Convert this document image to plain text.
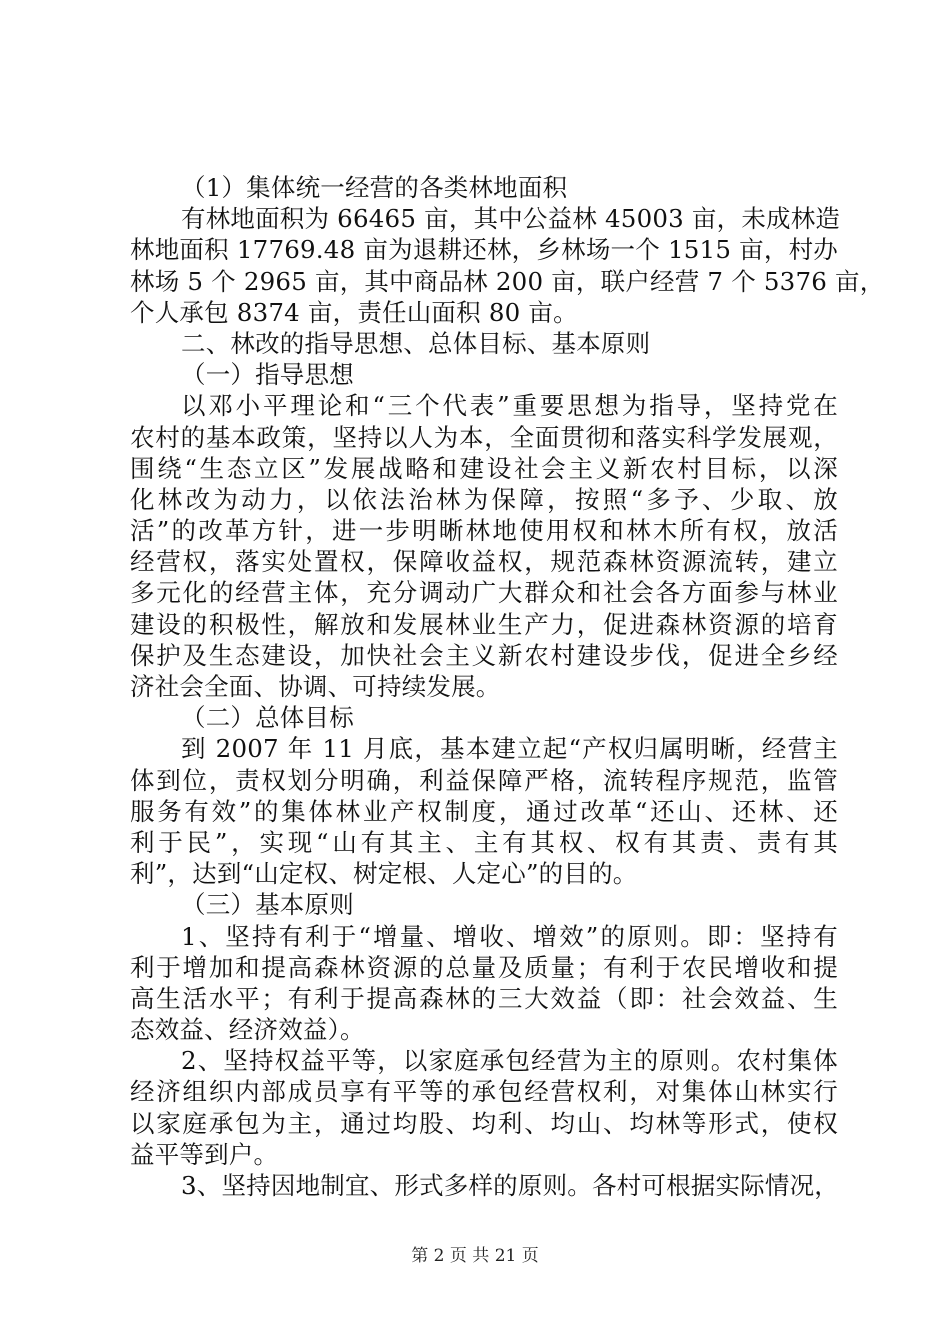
（1）集体统一经营的各类林地面积
有林地面积为 66465 亩，其中公益林 45003 亩，未成林造
林地面积 17769.48 亩为退耕还林，乡林场一个 1515 亩，村办
林场 5 个 2965 亩，其中商品林 200 亩，联户经营 7 个 5376 亩，
个人承包 8374 亩，责任山面积 80 亩。
二、林改的指导思想、总体目标、基本原则
（一）指导思想
以邓小平理论和“三个代表”重要思想为指导，坚持党在
农村的基本政策，坚持以人为本，全面贯彻和落实科学发展观，
围绕“生态立区”发展战略和建设社会主义新农村目标，以深
化林改为动力，以依法治林为保障，按照“多予、少取、放
活”的改革方针，进一步明晰林地使用权和林木所有权，放活
经营权，落实处置权，保障收益权，规范森林资源流转，建立
多元化的经营主体，充分调动广大群众和社会各方面参与林业
建设的积极性，解放和发展林业生产力，促进森林资源的培育
保护及生态建设，加快社会主义新农村建设步伐，促进全乡经
济社会全面、协调、可持续发展。
（二）总体目标
到 2007 年 11 月底，基本建立起“产权归属明晰，经营主
体到位，责权划分明确，利益保障严格，流转程序规范，监管
服务有效”的集体林业产权制度，通过改革“还山、还林、还
利于民”，实现“山有其主、主有其权、权有其责、责有其
利”，达到“山定权、树定根、人定心”的目的。
（三）基本原则
1、坚持有利于“增量、增收、增效”的原则。即：坚持有
利于增加和提高森林资源的总量及质量；有利于农民增收和提
高生活水平；有利于提高森林的三大效益（即：社会效益、生
态效益、经济效益）。
2、坚持权益平等，以家庭承包经营为主的原则。农村集体
经济组织内部成员享有平等的承包经营权利，对集体山林实行
以家庭承包为主，通过均股、均利、均山、均林等形式，使权
益平等到户。
3、坚持因地制宜、形式多样的原则。各村可根据实际情况，
第 2 页 共 21 页
